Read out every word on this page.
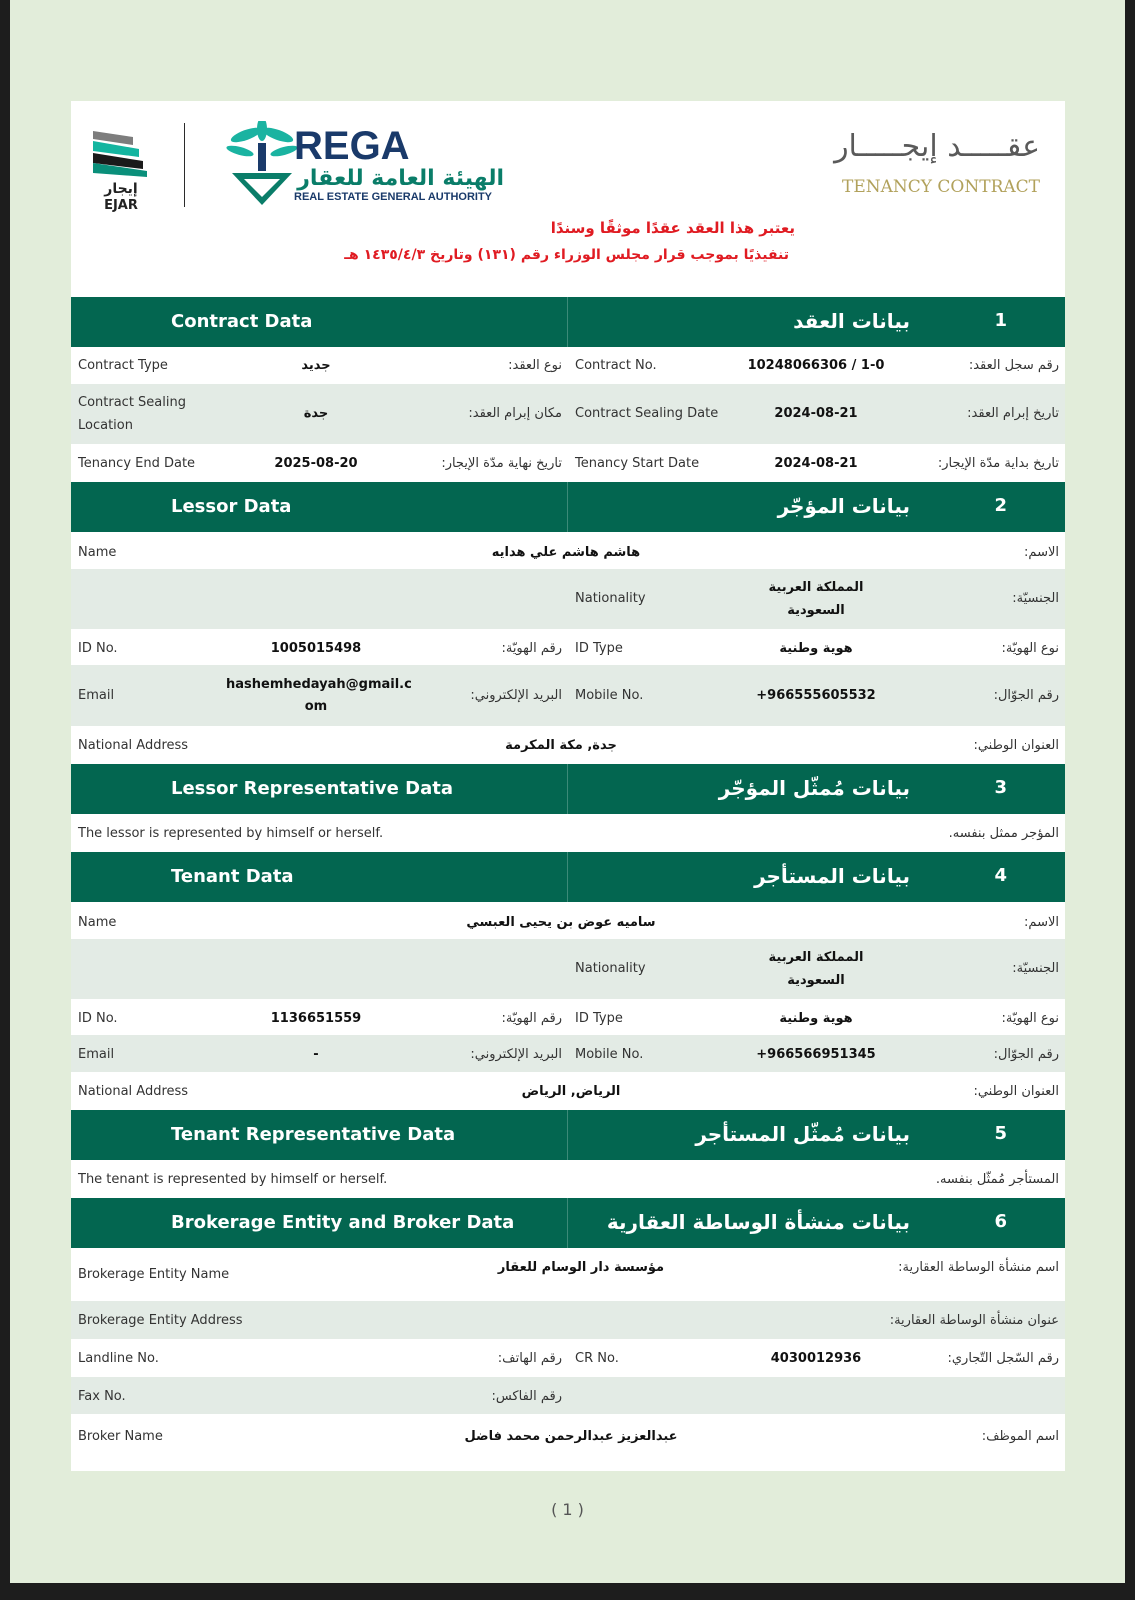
إيجار
EJAR
REGA
الهيئة العامة للعقار
REAL ESTATE GENERAL AUTHORITY
عقـــــد إيجـــــار
TENANCY CONTRACT
يعتبر هذا العقد عقدًا موثقًا وسندًا
تنفيذيًا بموجب قرار مجلس الوزراء رقم (١٣١) وتاريخ ١٤٣٥/٤/٣ هـ
Contract Data	بيانات العقد	1
Contract Type	جديد	نوع العقد: Contract No.	10248066306 / 1-0	رقم سجل العقد:
Contract Sealing
Location
جدة	مكان إبرام العقد: Contract Sealing Date	2024-08-21	تاريخ إبرام العقد:
Tenancy End Date	2025-08-20	تاريخ نهاية مدّة الإيجار: Tenancy Start Date	2024-08-21	تاريخ بداية مدّة الإيجار:
Lessor Data	بيانات المؤجّر	2
Name	هاشم هاشم علي هدايه	الاسم:
Nationality
المملكة العربية
السعودية
الجنسيّة:
ID No.	1005015498	رقم الهويّة: ID Type	هوية وطنية	نوع الهويّة:
Email
hashemhedayah@gmail.c
om
البريد الإلكتروني: Mobile No.	+966555605532	رقم الجوّال:
National Address	جدة, مكة المكرمة	العنوان الوطني:
Lessor Representative Data	بيانات مُمثّل المؤجّر	3
The lessor is represented by himself or herself.	المؤجر ممثل بنفسه.
Tenant Data	بيانات المستأجر	4
Name	ساميه عوض بن يحيى العبسي	الاسم:
Nationality
المملكة العربية
السعودية
الجنسيّة:
ID No.	1136651559	رقم الهويّة: ID Type	هوية وطنية	نوع الهويّة:
Email	-	البريد الإلكتروني: Mobile No.	+966566951345	رقم الجوّال:
National Address	الرياض, الرياض	العنوان الوطني:
Tenant Representative Data	بيانات مُمثّل المستأجر	5
The tenant is represented by himself or herself.	المستأجر مُمثّل بنفسه.
Brokerage Entity and Broker Data	بيانات منشأة الوساطة العقارية	6
Brokerage Entity Name	مؤسسة دار الوسام للعقار	اسم منشأة الوساطة العقارية:
Brokerage Entity Address	عنوان منشأة الوساطة العقارية:
Landline No.	رقم الهاتف: CR No.	4030012936	رقم السّجل التّجاري:
Fax No.	رقم الفاكس:
Broker Name	عبدالعزيز عبدالرحمن محمد فاضل	اسم الموظف:
( 1 )
